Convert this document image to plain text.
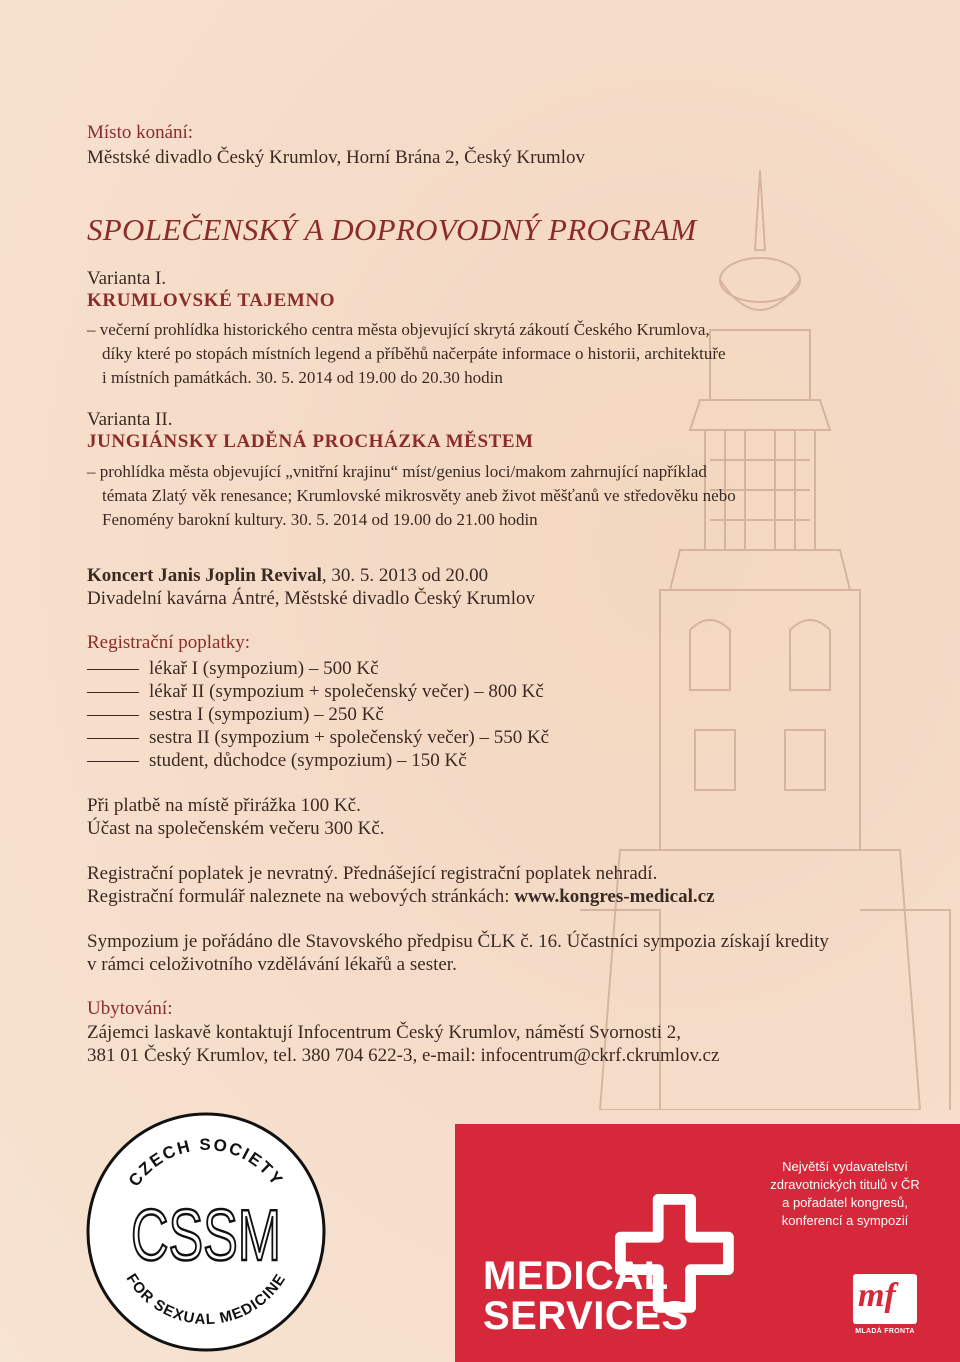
Místo konání:
Městské divadlo Český Krumlov, Horní Brána 2, Český Krumlov
SPOLEČENSKÝ A DOPROVODNÝ PROGRAM
Varianta I.
KRUMLOVSKÉ TAJEMNO
– večerní prohlídka historického centra města objevující skrytá zákoutí Českého Krumlova,
díky které po stopách místních legend a příběhů načerpáte informace o historii, architektuře
i místních památkách. 30. 5. 2014 od 19.00 do 20.30 hodin
Varianta II.
JUNGIÁNSKY LADĚNÁ PROCHÁZKA MĚSTEM
– prohlídka města objevující „vnitřní krajinu“ míst/genius loci/makom zahrnující například
témata Zlatý věk renesance; Krumlovské mikrosvěty aneb život měšťanů ve středověku nebo
Fenomény barokní kultury. 30. 5. 2014 od 19.00 do 21.00 hodin
Koncert Janis Joplin Revival, 30. 5. 2013 od 20.00
Divadelní kavárna Ántré, Městské divadlo Český Krumlov
Registrační poplatky:
lékař I (sympozium) – 500 Kč
lékař II (sympozium + společenský večer) – 800 Kč
sestra I (sympozium) – 250 Kč
sestra II (sympozium + společenský večer) – 550 Kč
student, důchodce (sympozium) – 150 Kč
Při platbě na místě přirážka 100 Kč.
Účast na společenském večeru 300 Kč.
Registrační poplatek je nevratný. Přednášející registrační poplatek nehradí.
Registrační formulář naleznete na webových stránkách: www.kongres-medical.cz
Sympozium je pořádáno dle Stavovského předpisu ČLK č. 16. Účastníci sympozia získají kredity
v rámci celoživotního vzdělávání lékařů a sester.
Ubytování:
Zájemci laskavě kontaktují Infocentrum Český Krumlov, náměstí Svornosti 2,
381 01 Český Krumlov, tel. 380 704 622-3, e-mail: infocentrum@ckrf.ckrumlov.cz
CZECH SOCIETY
CSSM
FOR SEXUAL MEDICINE
Největší vydavatelství
zdravotnických titulů v ČR
a pořadatel kongresů,
konferencí a sympozií
MEDICAL
SERVICES	mf
MLADÁ FRONTA
